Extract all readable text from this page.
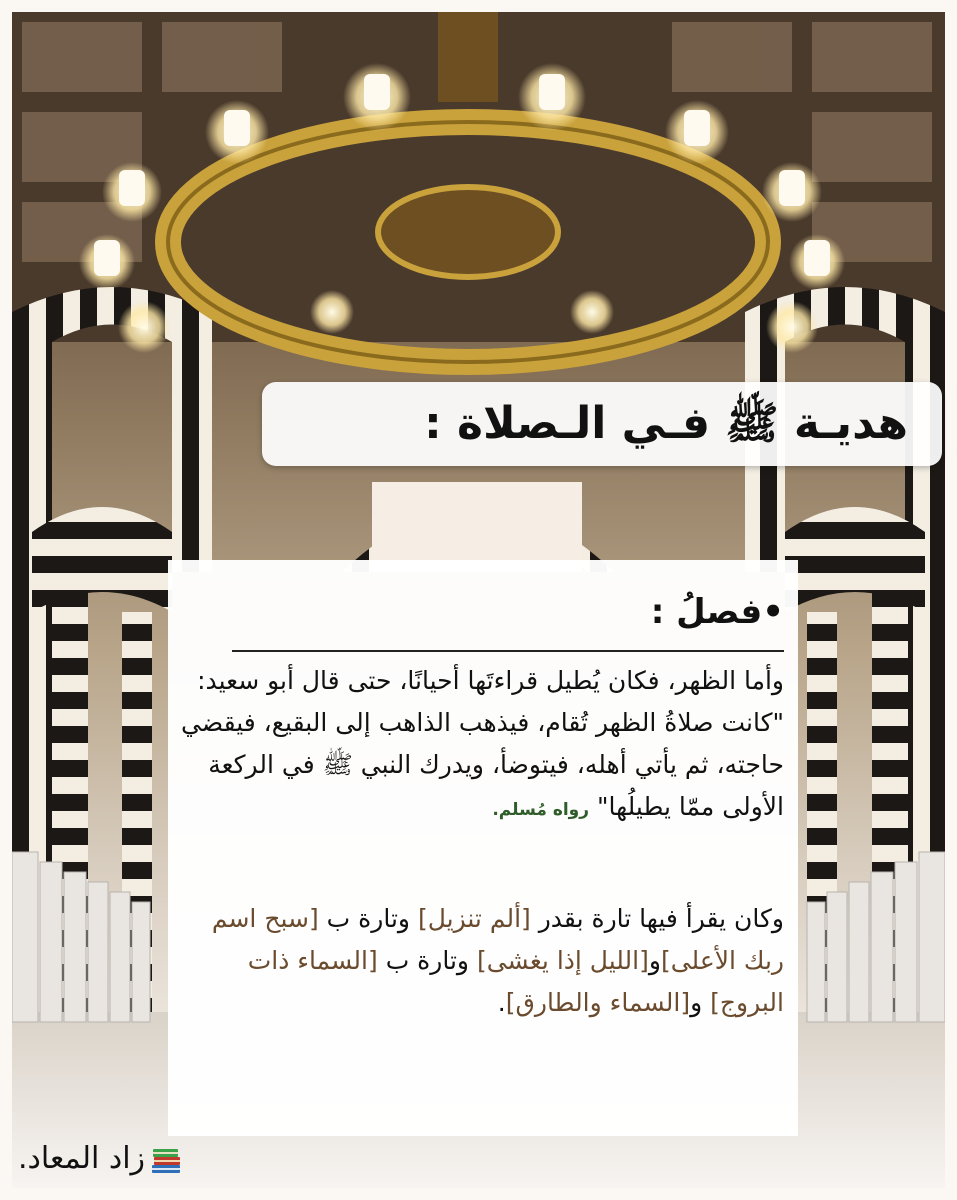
هديـة ﷺ فـي الـصلاة :
•فصلُ :
وأما الظهر، فكان يُطيل قراءتَها أحيانًا، حتى قال أبو سعيد: "كانت صلاةُ الظهر تُقام، فيذهب الذاهب إلى البقيع، فيقضي حاجته، ثم يأتي أهله، فيتوضأ، ويدرك النبي ﷺ في الركعة الأولى ممّا يطيلُها" رواه مُسلم.
وكان يقرأ فيها تارة بقدر [ألم تنزيل] وتارة ب [سبح اسم ربك الأعلى]و[الليل إذا يغشى] وتارة ب [السماء ذات البروج] و[السماء والطارق].
زاد المعاد.
